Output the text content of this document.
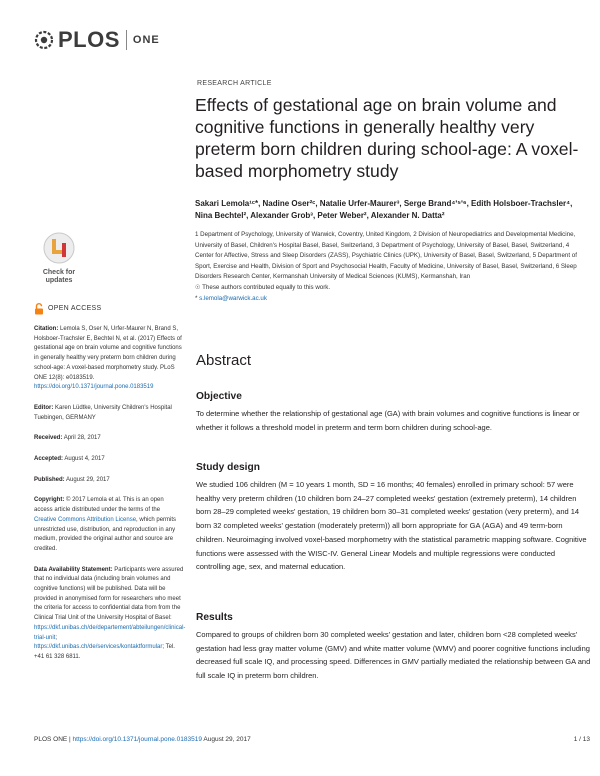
PLOS ONE
RESEARCH ARTICLE
Effects of gestational age on brain volume and cognitive functions in generally healthy very preterm born children during school-age: A voxel-based morphometry study
Sakari Lemola¹ᶜ*, Nadine Oser²ᶜ, Natalie Urfer-Maurer³, Serge Brand⁴ʹ⁵ʹ⁶, Edith Holsboer-Trachsler⁴, Nina Bechtel², Alexander Grob³, Peter Weber², Alexander N. Datta²
1 Department of Psychology, University of Warwick, Coventry, United Kingdom, 2 Division of Neuropediatrics and Developmental Medicine, University of Basel, Children's Hospital Basel, Basel, Switzerland, 3 Department of Psychology, University of Basel, Basel, Switzerland, 4 Center for Affective, Stress and Sleep Disorders (ZASS), Psychiatric Clinics (UPK), University of Basel, Basel, Switzerland, 5 Department of Sport, Exercise and Health, Division of Sport and Psychosocial Health, Faculty of Medicine, University of Basel, Basel, Switzerland, 6 Sleep Disorders Research Center, Kermanshah University of Medical Sciences (KUMS), Kermanshah, Iran
☉ These authors contributed equally to this work.
* s.lemola@warwick.ac.uk
Check for
updates
OPEN ACCESS

Citation: Lemola S, Oser N, Urfer-Maurer N, Brand S, Holsboer-Trachsler E, Bechtel N, et al. (2017) Effects of gestational age on brain volume and cognitive functions in generally healthy very preterm born children during school-age: A voxel-based morphometry study. PLoS ONE 12(8): e0183519. https://doi.org/10.1371/journal.pone.0183519

Editor: Karen Lüdtke, University Children's Hospital Tuebingen, GERMANY

Received: April 28, 2017

Accepted: August 4, 2017

Published: August 29, 2017

Copyright: © 2017 Lemola et al. This is an open access article distributed under the terms of the Creative Commons Attribution License, which permits unrestricted use, distribution, and reproduction in any medium, provided the original author and source are credited.

Data Availability Statement: Participants were assured that no individual data (including brain volumes and cognitive functions) will be published. Data will be provided in anonymised form for researchers who meet the criteria for access to confidential data from from the Clinical Trial Unit of the University Hospital of Basel: https://dkf.unibas.ch/de/departement/abteilungen/clinical-trial-unit; https://dkf.unibas.ch/de/services/kontaktformular; Tel. +41 61 328 6811.

Abstract
Objective

To determine whether the relationship of gestational age (GA) with brain volumes and cognitive functions is linear or whether it follows a threshold model in preterm and term born children during school-age.

Study design

We studied 106 children (M = 10 years 1 month, SD = 16 months; 40 females) enrolled in primary school: 57 were healthy very preterm children (10 children born 24–27 completed weeks' gestation (extremely preterm), 14 children born 28–29 completed weeks' gestation, 19 children born 30–31 completed weeks' gestation (very preterm), and 14 born 32 completed weeks' gestation (moderately preterm)) all born appropriate for GA (AGA) and 49 term-born children. Neuroimaging involved voxel-based morphometry with the statistical parametric mapping software. Cognitive functions were assessed with the WISC-IV. General Linear Models and multiple regressions were conducted controlling age, sex, and maternal education.

Results

Compared to groups of children born 30 completed weeks' gestation and later, children born <28 completed weeks' gestation had less gray matter volume (GMV) and white matter volume (WMV) and poorer cognitive functions including decreased full scale IQ, and processing speed. Differences in GMV partially mediated the relationship between GA and full scale IQ in preterm born children.

PLOS ONE | https://doi.org/10.1371/journal.pone.0183519 August 29, 2017	1 / 13
